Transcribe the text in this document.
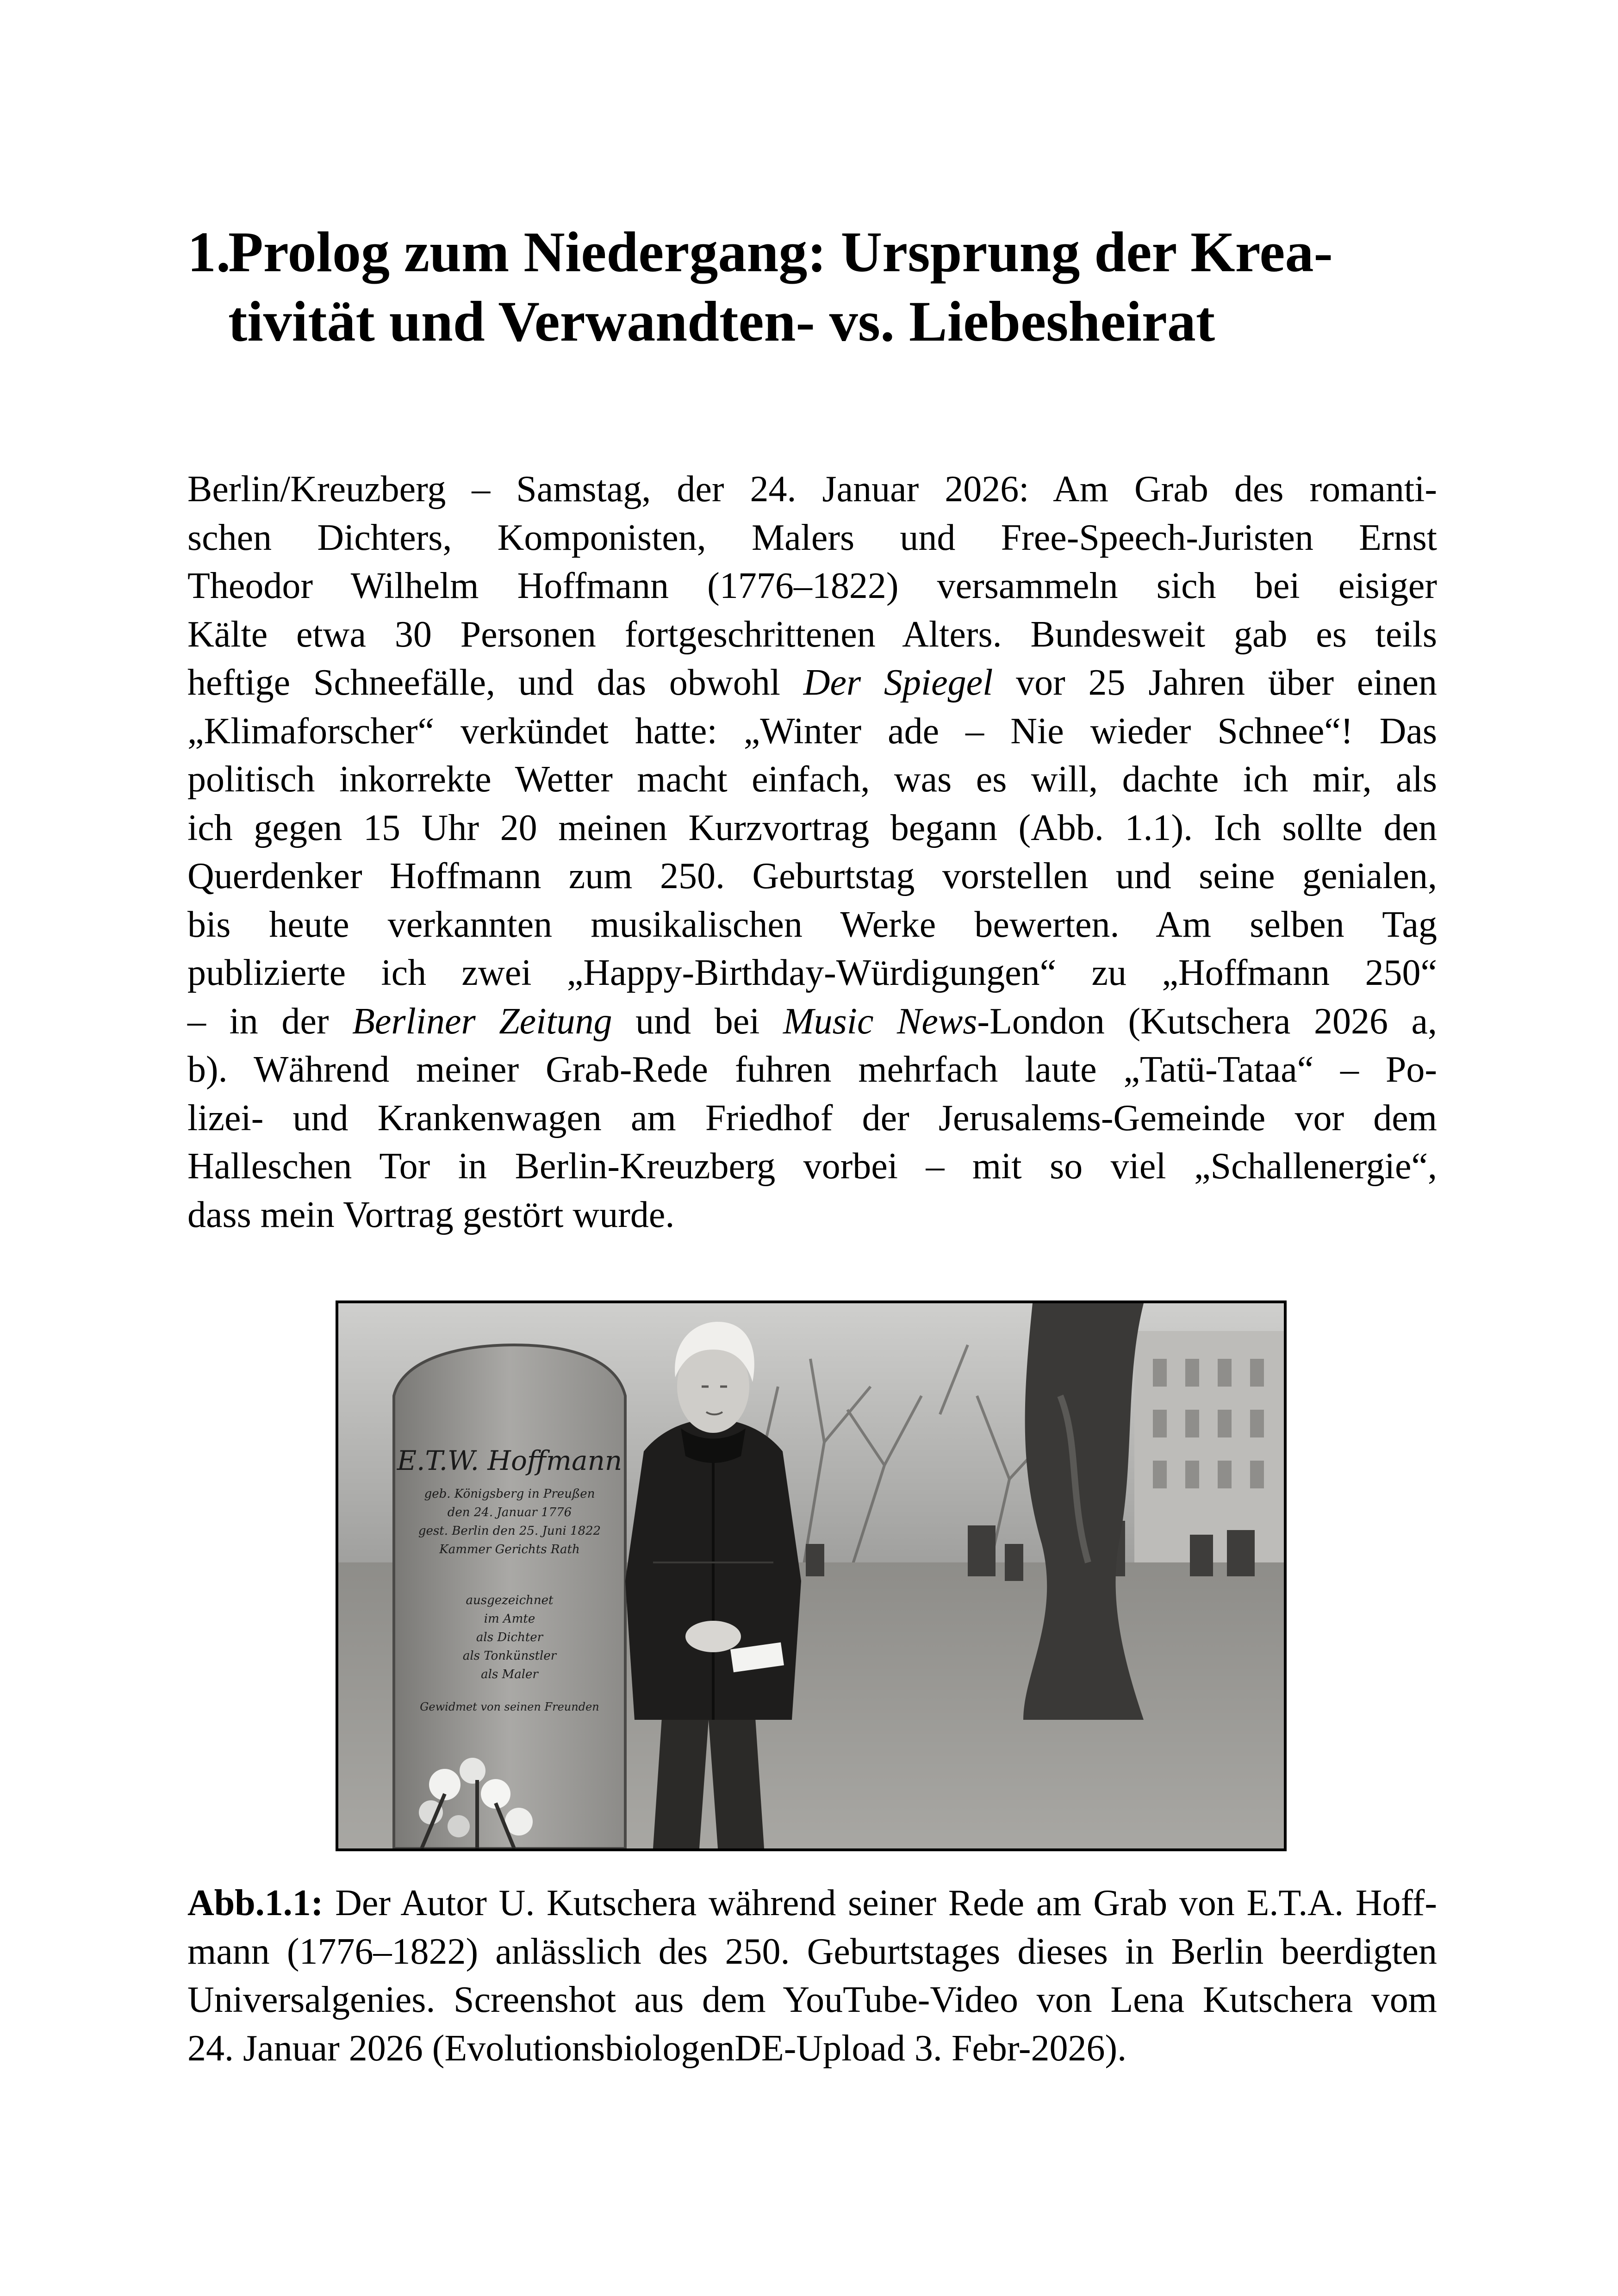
1.
Prolog zum Niedergang: Ursprung der Krea-
tivität und Verwandten- vs. Liebesheirat
Berlin/Kreuzberg – Samstag, der 24. Januar 2026: Am Grab des romanti-
schen Dichters, Komponisten, Malers und Free-Speech-Juristen Ernst
Theodor Wilhelm Hoffmann (1776–1822) versammeln sich bei eisiger
Kälte etwa 30 Personen fortgeschrittenen Alters. Bundesweit gab es teils
heftige Schneefälle, und das obwohl Der Spiegel vor 25 Jahren über einen
„Klimaforscher“ verkündet hatte: „Winter ade – Nie wieder Schnee“! Das
politisch inkorrekte Wetter macht einfach, was es will, dachte ich mir, als
ich gegen 15 Uhr 20 meinen Kurzvortrag begann (Abb. 1.1). Ich sollte den
Querdenker Hoffmann zum 250. Geburtstag vorstellen und seine genialen,
bis heute verkannten musikalischen Werke bewerten. Am selben Tag
publizierte ich zwei „Happy-Birthday-Würdigungen“ zu „Hoffmann 250“
– in der Berliner Zeitung und bei Music News-London (Kutschera 2026 a,
b). Während meiner Grab-Rede fuhren mehrfach laute „Tatü-Tataa“ – Po-
lizei- und Krankenwagen am Friedhof der Jerusalems-Gemeinde vor dem
Halleschen Tor in Berlin-Kreuzberg vorbei – mit so viel „Schallenergie“,
dass mein Vortrag gestört wurde.
E.T.W. Hoffmann
geb. Königsberg in Preußen
den 24. Januar 1776
gest. Berlin den 25. Juni 1822
Kammer Gerichts Rath
ausgezeichnet
im Amte
als Dichter
als Tonkünstler
als Maler
Gewidmet von seinen Freunden
Abb.1.1: Der Autor U. Kutschera während seiner Rede am Grab von E.T.A. Hoff-
mann (1776–1822) anlässlich des 250. Geburtstages dieses in Berlin beerdigten
Universalgenies. Screenshot aus dem YouTube-Video von Lena Kutschera vom
24. Januar 2026 (EvolutionsbiologenDE-Upload 3. Febr-2026).
